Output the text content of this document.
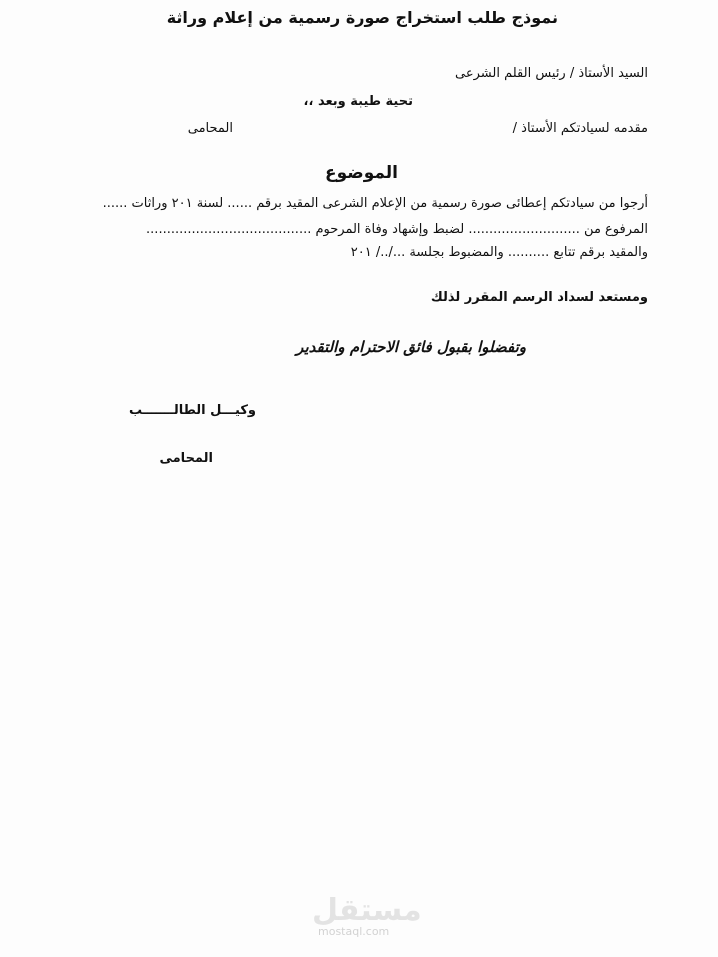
نموذج طلب استخراج صورة رسمية من إعلام وراثة
السيد الأستاذ / رئيس القلم الشرعى
تحية طيبة وبعد ،،
مقدمه لسيادتكم الأستاذ /
المحامى
الموضوع
أرجوا من سيادتكم إعطائى صورة رسمية من الإعلام الشرعى المقيد برقم ...... لسنة ٢٠١ وراثات ......
المرفوع من ........................... لضبط وإشهاد وفاة المرحوم ........................................
والمقيد برقم تتابع .......... والمضبوط بجلسة .../../ ٢٠١
ومستعد لسداد الرسم المقرر لذلك
وتفضلوا بقبول فائق الاحترام والتقدير
وكيـــل الطالـــــــب
المحامى
مستقل
mostaql.com
